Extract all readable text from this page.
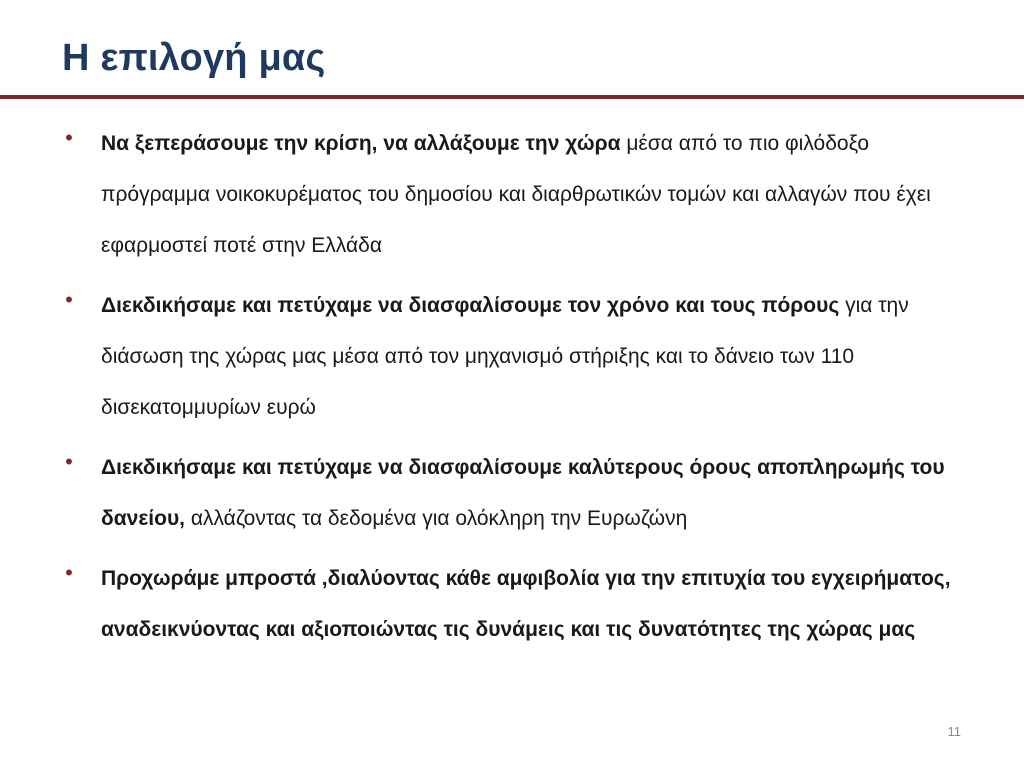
Η επιλογή μας
• Να ξεπεράσουμε την κρίση, να αλλάξουμε την χώρα μέσα από το πιο φιλόδοξο πρόγραμμα νοικοκυρέματος του δημοσίου και διαρθρωτικών τομών και αλλαγών που έχει εφαρμοστεί ποτέ στην Ελλάδα
• Διεκδικήσαμε και πετύχαμε να διασφαλίσουμε τον χρόνο και τους πόρους για την διάσωση της χώρας μας μέσα από τον μηχανισμό στήριξης και το δάνειο των 110 δισεκατομμυρίων ευρώ
• Διεκδικήσαμε και πετύχαμε να διασφαλίσουμε καλύτερους όρους αποπληρωμής του δανείου, αλλάζοντας τα δεδομένα για ολόκληρη την Ευρωζώνη
• Προχωράμε μπροστά ,διαλύοντας κάθε αμφιβολία για την επιτυχία του εγχειρήματος, αναδεικνύοντας και αξιοποιώντας τις δυνάμεις και τις δυνατότητες της χώρας μας
11
